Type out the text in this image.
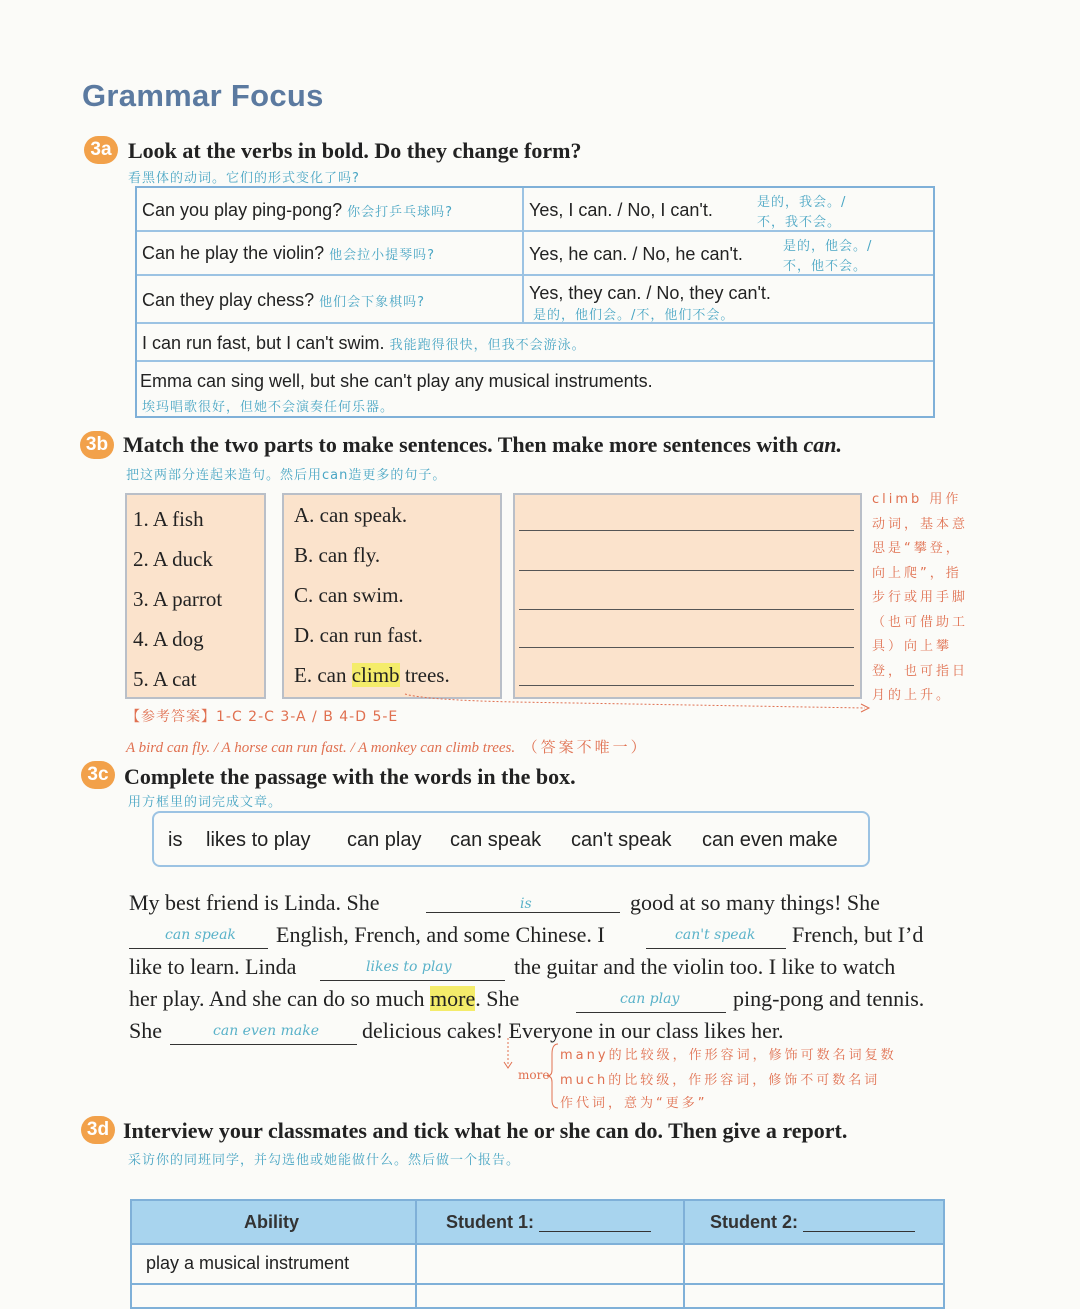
Grammar Focus
3a Look at the verbs in bold. Do they change form?
看黑体的动词。它们的形式变化了吗?
Can you play ping-pong? 你会打乒乓球吗?	Yes, I can. / No, I can't.	是的，我会。/
不，我不会。
Can he play the violin? 他会拉小提琴吗?	Yes, he can. / No, he can't.	是的，他会。/
不，他不会。
Can they play chess? 他们会下象棋吗?	Yes, they can. / No, they can't.
是的，他们会。/不，他们不会。
I can run fast, but I can't swim. 我能跑得很快，但我不会游泳。
Emma can sing well, but she can't play any musical instruments.
埃玛唱歌很好，但她不会演奏任何乐器。
3b Match the two parts to make sentences. Then make more sentences with can.
把这两部分连起来造句。然后用can造更多的句子。
1. A fish
2. A duck
3. A parrot
4. A dog
5. A cat
A. can speak.
B. can fly.
C. can swim.
D. can run fast.
E. can climb trees.
climb 用作动词，基本意思是“攀登，向上爬”，指步行或用手脚（也可借助工具）向上攀登，也可指日月的上升。
【参考答案】1-C 2-C 3-A / B 4-D 5-E
A bird can fly. / A horse can run fast. / A monkey can climb trees. （答案不唯一）
3c Complete the passage with the words in the box.
用方框里的词完成文章。
is likes to play can play can speak can't speak can even make
My best friend is Linda. She	is	good at so many things! She
can speak English, French, and some Chinese. I	can't speak French, but I’d
like to learn. Linda	likes to play	the guitar and the violin too. I like to watch
her play. And she can do so much more. She	can play ping-pong and tennis.
She	can even make delicious cakes! Everyone in our class likes her.
more
many的比较级，作形容词，修饰可数名词复数
much的比较级，作形容词，修饰不可数名词
作代词，意为“更多”
3d Interview your classmates and tick what he or she can do. Then give a report.
采访你的同班同学，并勾选他或她能做什么。然后做一个报告。
Ability	Student 1:	Student 2:
play a musical instrument
